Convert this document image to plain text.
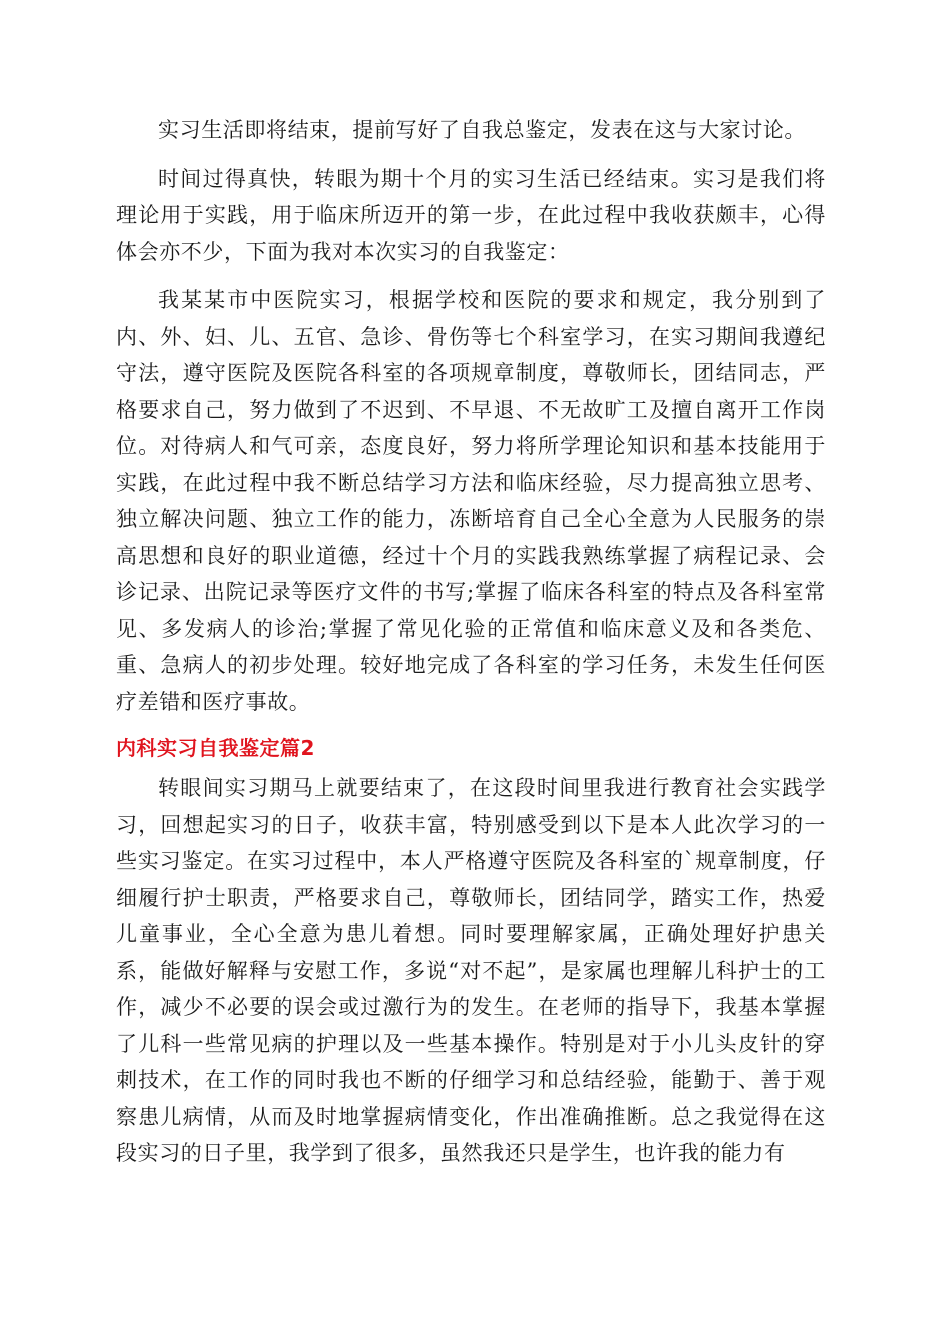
实习生活即将结束，提前写好了自我总鉴定，发表在这与大家讨论。

时间过得真快，转眼为期十个月的实习生活已经结束。实习是我们将理论用于实践，用于临床所迈开的第一步，在此过程中我收获颇丰，心得体会亦不少，下面为我对本次实习的自我鉴定：

我某某市中医院实习，根据学校和医院的要求和规定，我分别到了内、外、妇、儿、五官、急诊、骨伤等七个科室学习，在实习期间我遵纪守法，遵守医院及医院各科室的各项规章制度，尊敬师长，团结同志，严格要求自己，努力做到了不迟到、不早退、不无故旷工及擅自离开工作岗位。对待病人和气可亲，态度良好，努力将所学理论知识和基本技能用于实践，在此过程中我不断总结学习方法和临床经验，尽力提高独立思考、独立解决问题、独立工作的能力，冻断培育自己全心全意为人民服务的崇高思想和良好的职业道德，经过十个月的实践我熟练掌握了病程记录、会诊记录、出院记录等医疗文件的书写;掌握了临床各科室的特点及各科室常见、多发病人的诊治;掌握了常见化验的正常值和临床意义及和各类危、重、急病人的初步处理。较好地完成了各科室的学习任务，未发生任何医疗差错和医疗事故。

内科实习自我鉴定篇2

转眼间实习期马上就要结束了，在这段时间里我进行教育社会实践学习，回想起实习的日子，收获丰富，特别感受到以下是本人此次学习的一些实习鉴定。在实习过程中，本人严格遵守医院及各科室的`规章制度，仔细履行护士职责，严格要求自己，尊敬师长，团结同学，踏实工作，热爱儿童事业，全心全意为患儿着想。同时要理解家属，正确处理好护患关系，能做好解释与安慰工作，多说“对不起”，是家属也理解儿科护士的工作，减少不必要的误会或过激行为的发生。在老师的指导下，我基本掌握了儿科一些常见病的护理以及一些基本操作。特别是对于小儿头皮针的穿刺技术，在工作的同时我也不断的仔细学习和总结经验，能勤于、善于观察患儿病情，从而及时地掌握病情变化，作出准确推断。总之我觉得在这段实习的日子里，我学到了很多，虽然我还只是学生，也许我的能力有
